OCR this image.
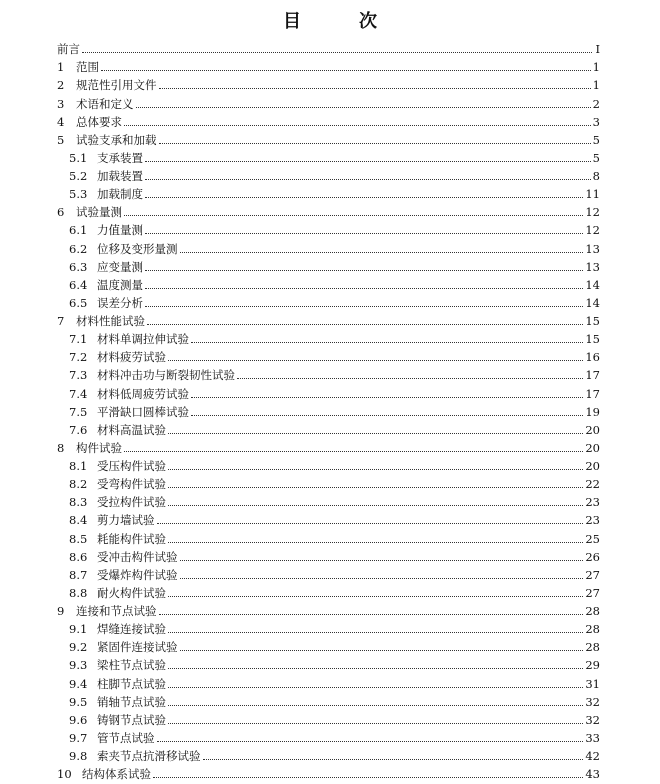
目　次
前言	I
1	范围	1
2	规范性引用文件	1
3	术语和定义	2
4	总体要求	3
5	试验支承和加载	5
5.1 支承装置	5
5.2 加载装置	8
5.3 加载制度	11
6	试验量测	12
6.1 力值量测	12
6.2 位移及变形量测	13
6.3 应变量测	13
6.4 温度测量	14
6.5 误差分析	14
7	材料性能试验	15
7.1 材料单调拉伸试验	15
7.2 材料疲劳试验	16
7.3 材料冲击功与断裂韧性试验	17
7.4 材料低周疲劳试验	17
7.5 平滑缺口圆棒试验	19
7.6 材料高温试验	20
8	构件试验	20
8.1 受压构件试验	20
8.2 受弯构件试验	22
8.3 受拉构件试验	23
8.4 剪力墙试验	23
8.5 耗能构件试验	25
8.6 受冲击构件试验	26
8.7 受爆炸构件试验	27
8.8 耐火构件试验	27
9	连接和节点试验	28
9.1 焊缝连接试验	28
9.2 紧固件连接试验	28
9.3 梁柱节点试验	29
9.4 柱脚节点试验	31
9.5 销轴节点试验	32
9.6 铸钢节点试验	32
9.7 管节点试验	33
9.8 索夹节点抗滑移试验	42
10 结构体系试验	43
